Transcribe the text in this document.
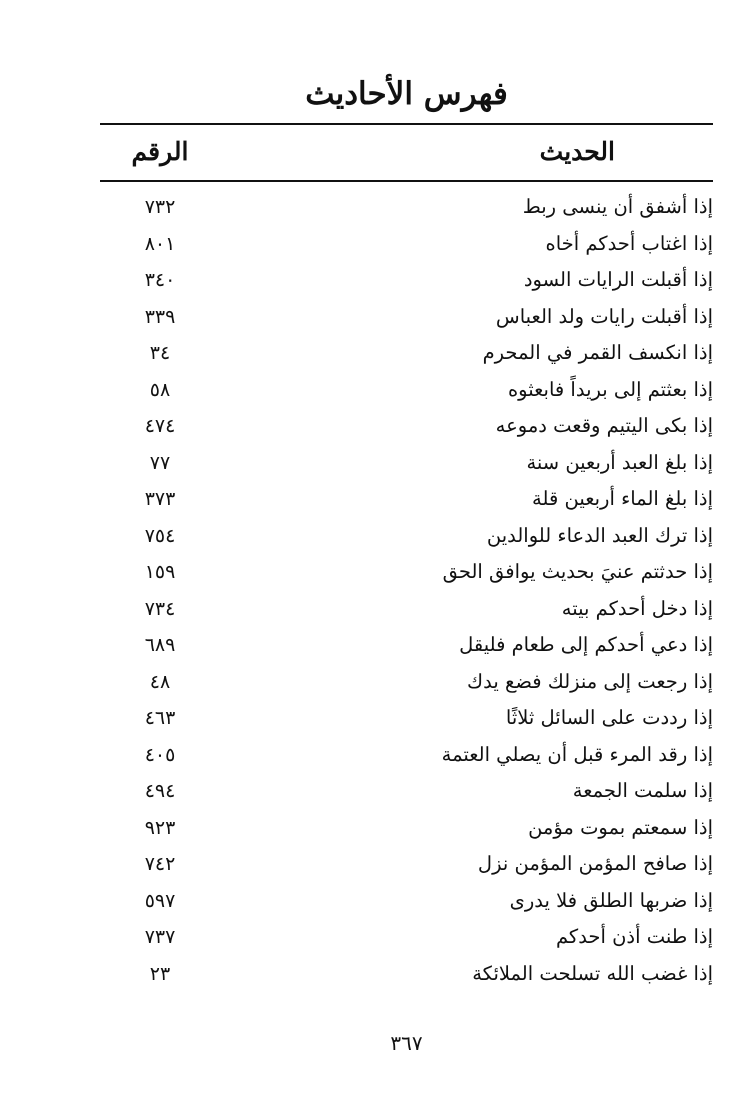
فهرس الأحاديث
الحديث
الرقم
إذا أشفق أن ينسى ربط
٧٣٢
إذا اغتاب أحدكم أخاه
٨٠١
إذا أقبلت الرايات السود
٣٤٠
إذا أقبلت رايات ولد العباس
٣٣٩
إذا انكسف القمر في المحرم
٣٤
إذا بعثتم إلى بريداً فابعثوه
٥٨
إذا بكى اليتيم وقعت دموعه
٤٧٤
إذا بلغ العبد أربعين سنة
٧٧
إذا بلغ الماء أربعين قلة
٣٧٣
إذا ترك العبد الدعاء للوالدين
٧٥٤
إذا حدثتم عنيَ بحديث يوافق الحق
١٥٩
إذا دخل أحدكم بيته
٧٣٤
إذا دعي أحدكم إلى طعام فليقل
٦٨٩
إذا رجعت إلى منزلك فضع يدك
٤٨
إذا رددت على السائل ثلاثًا
٤٦٣
إذا رقد المرء قبل أن يصلي العتمة
٤٠٥
إذا سلمت الجمعة
٤٩٤
إذا سمعتم بموت مؤمن
٩٢٣
إذا صافح المؤمن المؤمن نزل
٧٤٢
إذا ضربها الطلق فلا يدرى
٥٩٧
إذا طنت أذن أحدكم
٧٣٧
إذا غضب الله تسلحت الملائكة
٢٣
٣٦٧
